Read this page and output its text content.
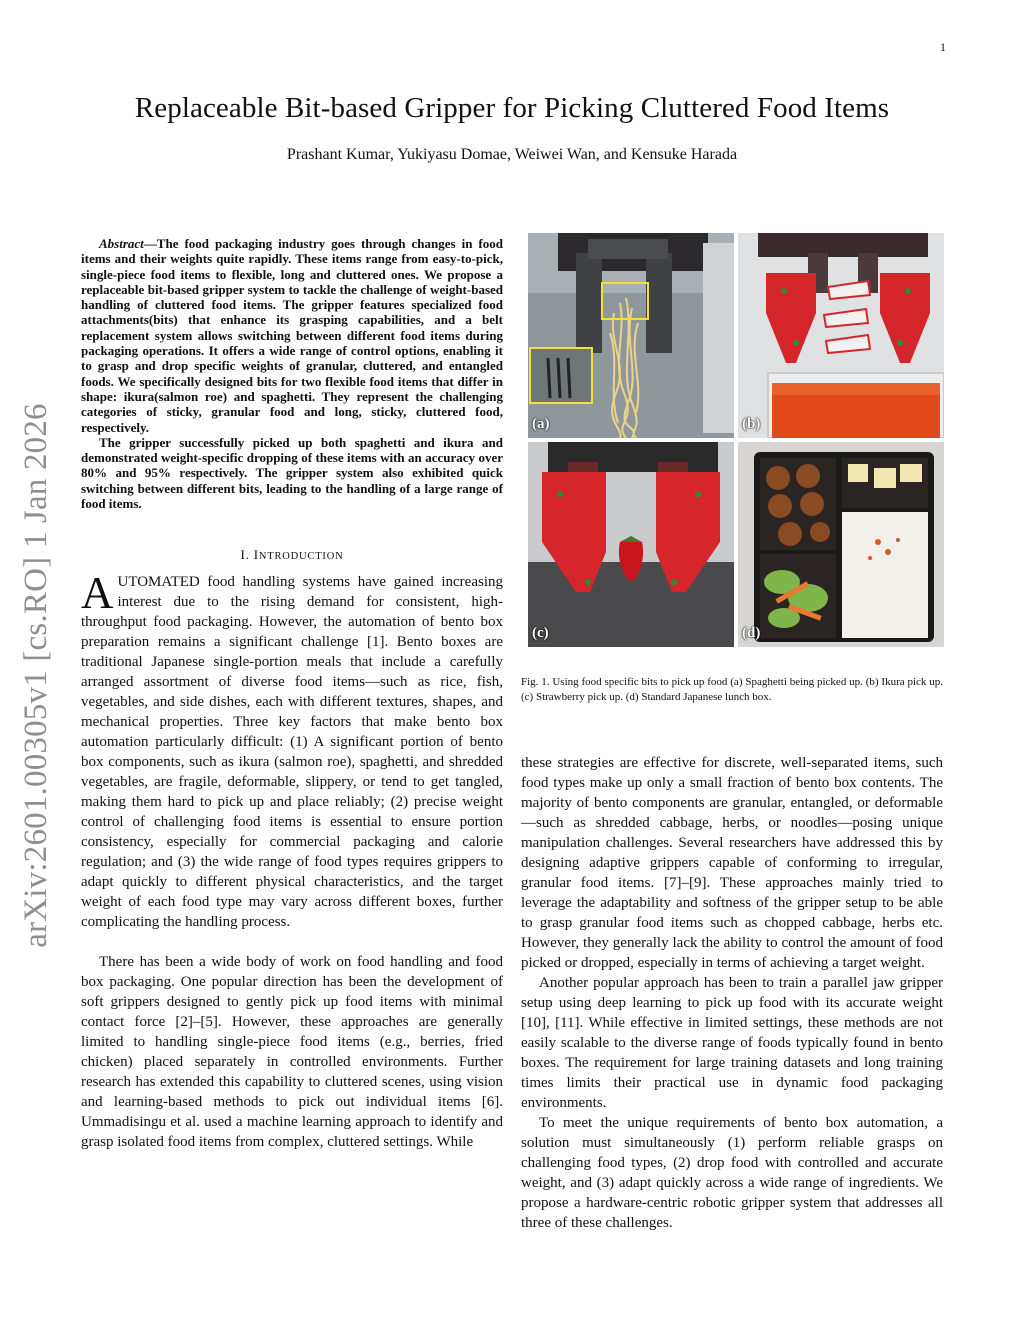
1
arXiv:2601.00305v1 [cs.RO] 1 Jan 2026
Replaceable Bit-based Gripper for Picking Cluttered Food Items
Prashant Kumar, Yukiyasu Domae, Weiwei Wan, and Kensuke Harada

Abstract—The food packaging industry goes through changes in food items and their weights quite rapidly. These items range from easy-to-pick, single-piece food items to flexible, long and cluttered ones. We propose a replaceable bit-based gripper system to tackle the challenge of weight-based handling of cluttered food items. The gripper features specialized food attachments(bits) that enhance its grasping capabilities, and a belt replacement system allows switching between different food items during packaging operations. It offers a wide range of control options, enabling it to grasp and drop specific weights of granular, cluttered, and entangled foods. We specifically designed bits for two flexible food items that differ in shape: ikura(salmon roe) and spaghetti. They represent the challenging categories of sticky, granular food and long, sticky, cluttered food, respectively.

The gripper successfully picked up both spaghetti and ikura and demonstrated weight-specific dropping of these items with an accuracy over 80% and 95% respectively. The gripper system also exhibited quick switching between different bits, leading to the handling of a large range of food items.

I. INTRODUCTION

AUTOMATED food handling systems have gained increasing interest due to the rising demand for consistent, high-throughput food packaging. However, the automation of bento box preparation remains a significant challenge [1]. Bento boxes are traditional Japanese single-portion meals that include a carefully arranged assortment of diverse food items—such as rice, fish, vegetables, and side dishes, each with different textures, shapes, and mechanical properties. Three key factors that make bento box automation particularly difficult: (1) A significant portion of bento box components, such as ikura (salmon roe), spaghetti, and shredded vegetables, are fragile, deformable, slippery, or tend to get tangled, making them hard to pick up and place reliably; (2) precise weight control of challenging food items is essential to ensure portion consistency, especially for commercial packaging and calorie regulation; and (3) the wide range of food types requires grippers to adapt quickly to different physical characteristics, and the target weight of each food type may vary across different boxes, further complicating the handling process.

There has been a wide body of work on food handling and food box packaging. One popular direction has been the development of soft grippers designed to gently pick up food items with minimal contact force [2]–[5]. However, these approaches are generally limited to handling single-piece food items (e.g., berries, fried chicken) placed separately in controlled environments. Further research has extended this capability to cluttered scenes, using vision and learning-based methods to pick out individual items [6]. Ummadisingu et al. used a machine learning approach to identify and grasp isolated food items from complex, cluttered settings. While

(a)	(b)
(c)	(d)
Fig. 1. Using food specific bits to pick up food (a) Spaghetti being picked up. (b) Ikura pick up. (c) Strawberry pick up. (d) Standard Japanese lunch box.

these strategies are effective for discrete, well-separated items, such food types make up only a small fraction of bento box contents. The majority of bento components are granular, entangled, or deformable—such as shredded cabbage, herbs, or noodles—posing unique manipulation challenges. Several researchers have addressed this by designing adaptive grippers capable of conforming to irregular, granular food items. [7]–[9]. These approaches mainly tried to leverage the adaptability and softness of the gripper setup to be able to grasp granular food items such as chopped cabbage, herbs etc. However, they generally lack the ability to control the amount of food picked or dropped, especially in terms of achieving a target weight.

Another popular approach has been to train a parallel jaw gripper setup using deep learning to pick up food with its accurate weight [10], [11]. While effective in limited settings, these methods are not easily scalable to the diverse range of foods typically found in bento boxes. The requirement for large training datasets and long training times limits their practical use in dynamic food packaging environments.

To meet the unique requirements of bento box automation, a solution must simultaneously (1) perform reliable grasps on challenging food types, (2) drop food with controlled and accurate weight, and (3) adapt quickly across a wide range of ingredients. We propose a hardware-centric robotic gripper system that addresses all three of these challenges.
